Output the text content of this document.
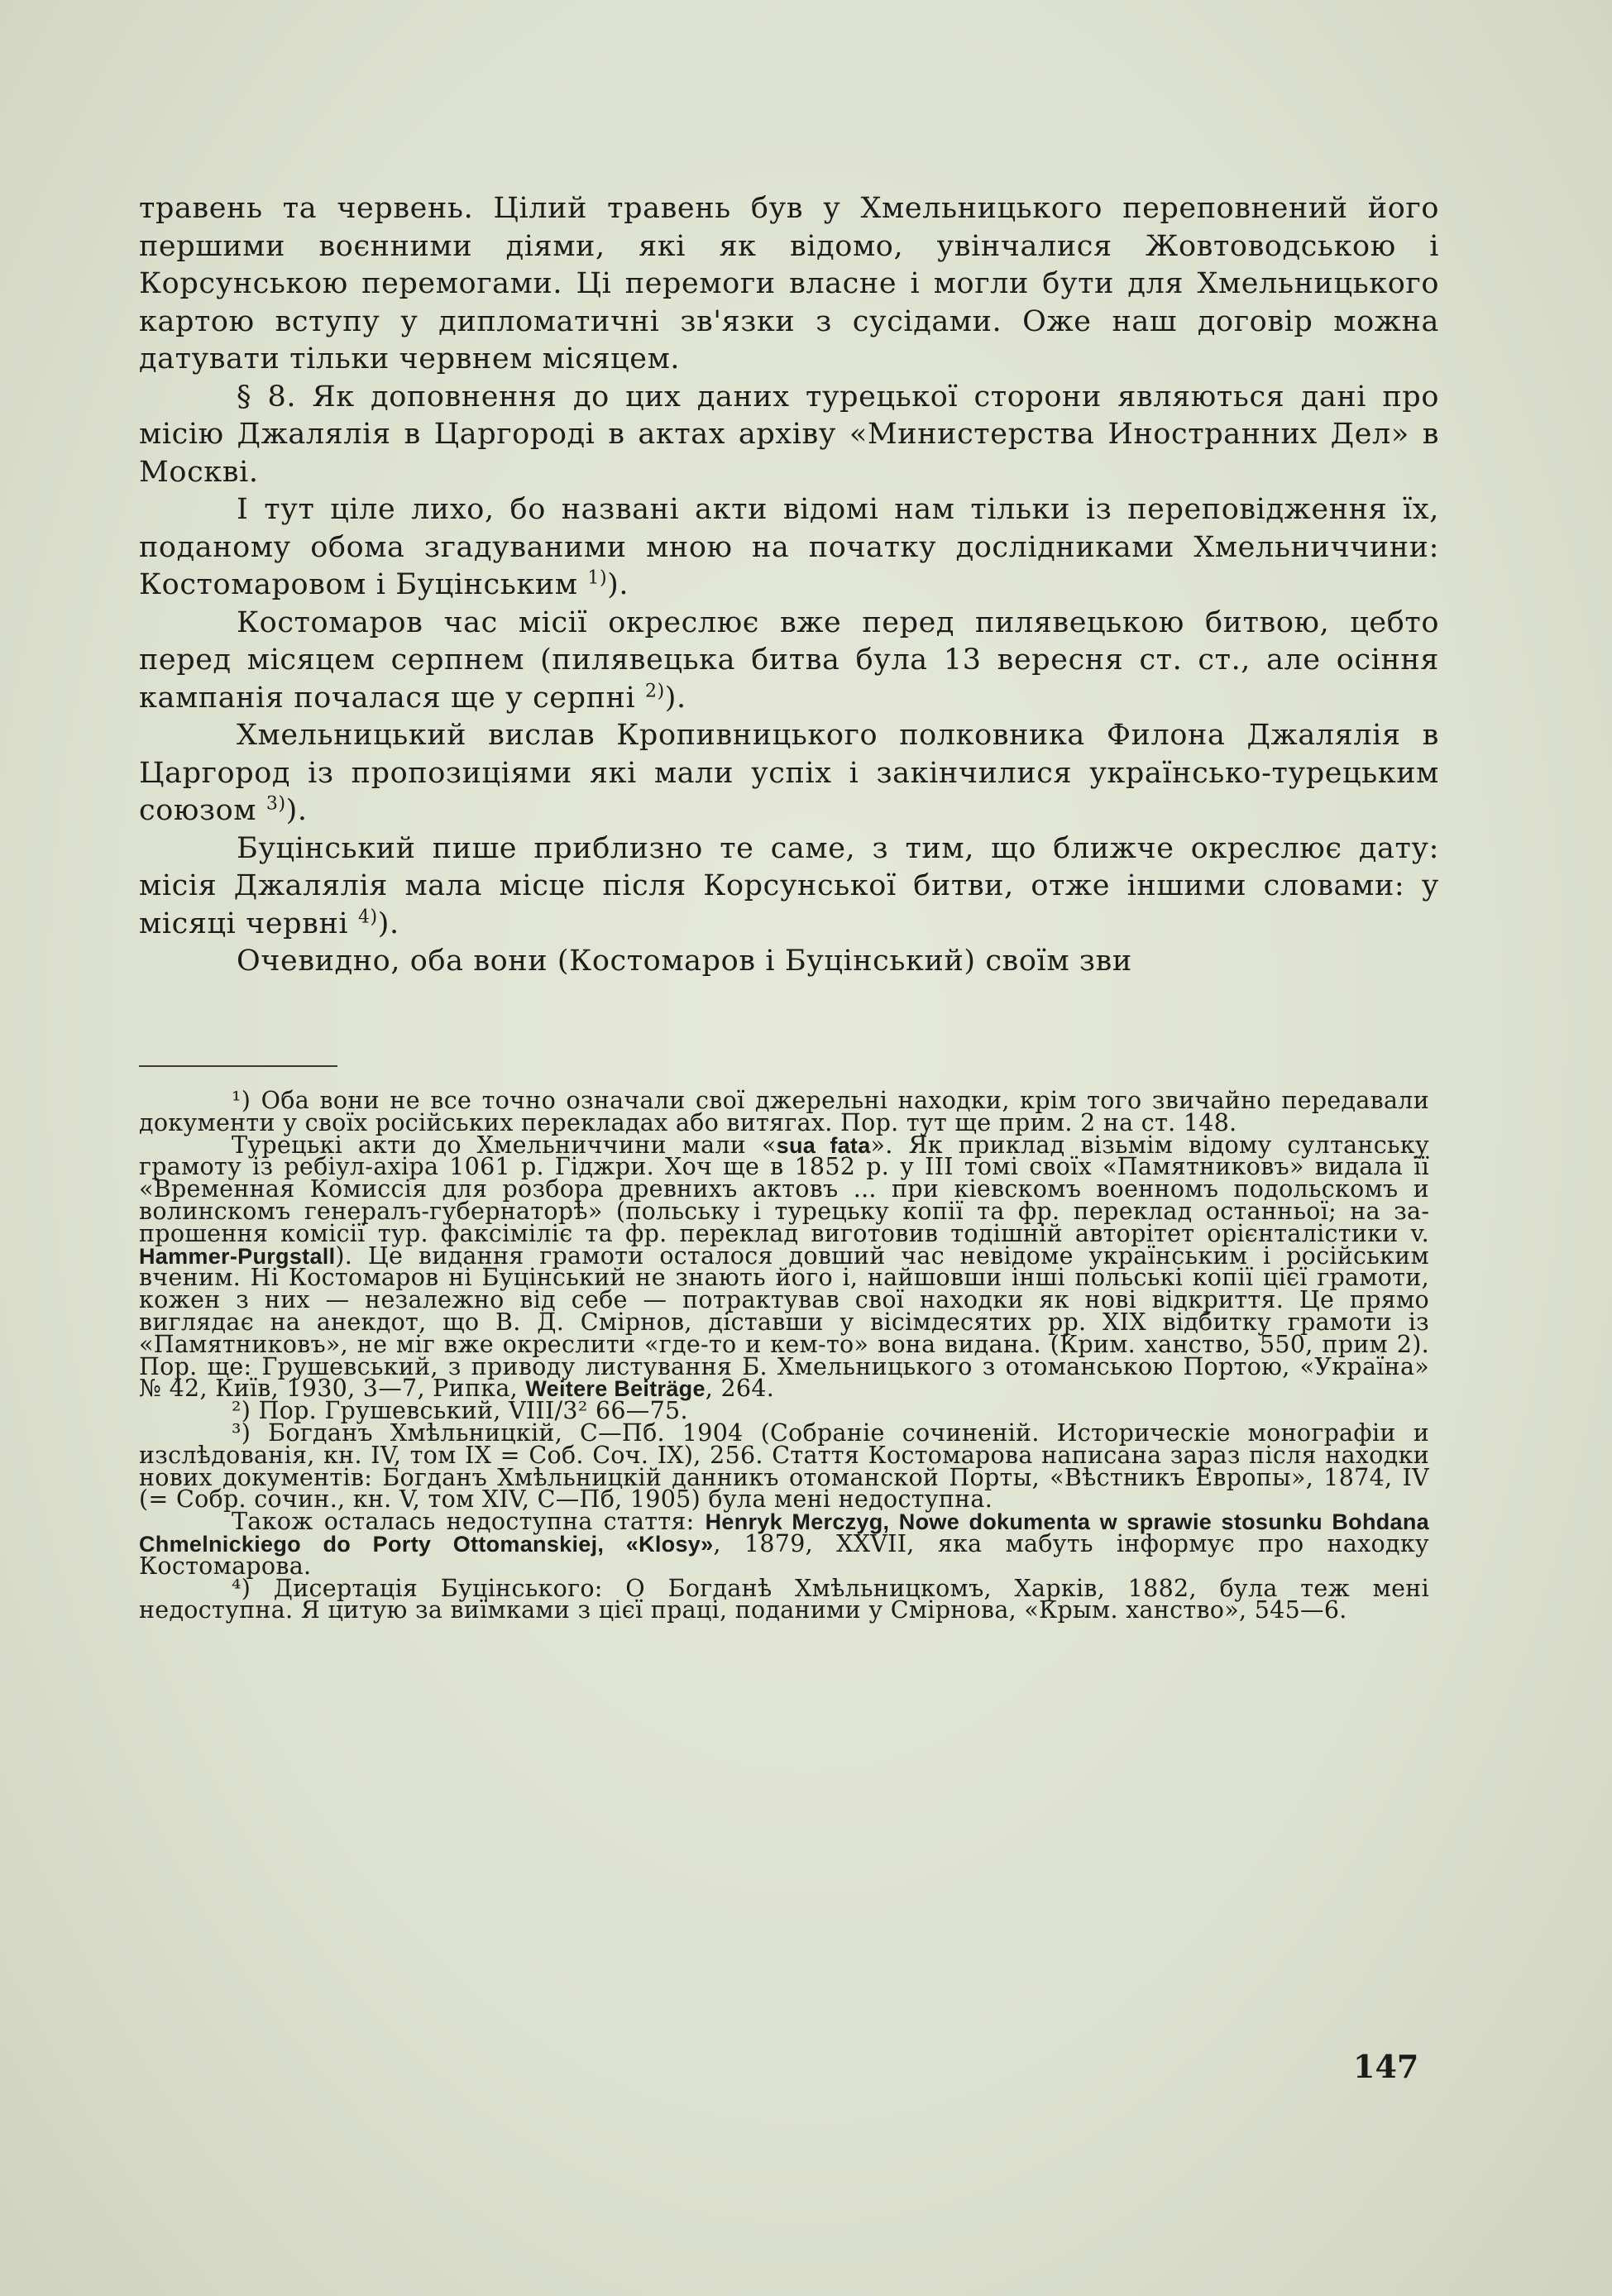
травень та червень. Цілий травень був у Хмельницького переповнений його першими воєнними діями, які як відомо, увінчалися Жовтоводською і Корсунською перемогами. Ці перемоги власне і могли бути для Хмельницького картою вступу у дипломатичні зв'язки з сусідами. Оже наш договір можна датувати тільки червнем місяцем.

§ 8. Як доповнення до цих даних турецької сторони являються дані про місію Джалялія в Царгороді в актах архіву «Министерства Иностранних Дел» в Москві.

І тут ціле лихо, бо названі акти відомі нам тільки із переповідження їх, поданому обома згадуваними мною на початку дослідниками Хмельниччини: Костомаровом і Буцінським $^{1)}$).

Костомаров час місії окреслює вже перед пилявецькою битвою, цебто перед місяцем серпнем (пилявецька битва була 13 вересня ст. ст., але осіння кампанія почалася ще у серпні $^{2)}$).

Хмельницький вислав Кропивницького полковника Филона Джалялія в Царгород із пропозиціями які мали успіх і закінчилися українсько-турецьким союзом $^{3)}$).

Буцінський пише приблизно те саме, з тим, що ближче окреслює дату: місія Джалялія мала місце після Корсунської битви, отже іншими словами: у місяці червні $^{4)}$).

Очевидно, оба вони (Костомаров і Буцінський) своїм зви

¹) Оба вони не все точно означали свої джерельні находки, крім того звичайно передавали документи у своїх російських перекладах або витягах. Пор. тут ще прим. 2 на ст. 148.

Турецькі акти до Хмельниччини мали «sua fata». Як приклад візьмім відому султанську грамоту із ребіул-ахіра 1061 р. Гіджри. Хоч ще в 1852 р. у III томі своїх «Памятниковъ» видала її «Временная Комиссія для розбора древнихъ актовъ ... при кіевскомъ военномъ подольскомъ и волинскомъ генералъ-губернаторѣ» (польську і турецьку копії та фр. переклад останньої; на запрошення комісії тур. факсіміліє та фр. переклад виготовив тодішній авторітет орієнталістики v. Hammer-Purgstall). Це видання грамоти осталося довший час невідоме українським і російським вченим. Ні Костомаров ні Буцінський не знають його і, найшовши інші польські копії цієї грамоти, кожен з них — незалежно від себе — потрактував свої находки як нові відкриття. Це прямо виглядає на анекдот, що В. Д. Смірнов, діставши у вісімдесятих рр. XIX відбитку грамоти із «Памятниковъ», не міг вже окреслити «где-то и кем-то» вона видана. (Крим. ханство, 550, прим 2). Пор. ще: Грушевський, з приводу листування Б. Хмельницького з отоманською Портою, «Україна» № 42, Київ, 1930, 3—7, Рипка, Weitere Beiträge, 264.

²) Пор. Грушевський, VIII/3² 66—75.

³) Богданъ Хмѣльницкій, С—Пб. 1904 (Собраніе сочиненій. Историческіе монографіи и изслѣдованія, кн. IV, том IX = Соб. Соч. IX), 256. Стаття Костомарова написана зараз після находки нових документів: Богданъ Хмѣльницкій данникъ отоманской Порты, «Вѣстникъ Европы», 1874, IV (= Собр. сочин., кн. V, том XIV, С—Пб, 1905) була мені недоступна.

Також осталась недоступна стаття: Henryk Merczyg, Nowe dokumenta w sprawie stosunku Bohdana Chmelnickiego do Porty Ottomanskiej, «Klosy», 1879, XXVII, яка мабуть інформує про находку Костомарова.

⁴) Дисертація Буцінського: О Богданѣ Хмѣльницкомъ, Харків, 1882, була теж мені недоступна. Я цитую за виїмками з цієї праці, поданими у Смірнова, «Крым. ханство», 545—6.

147
